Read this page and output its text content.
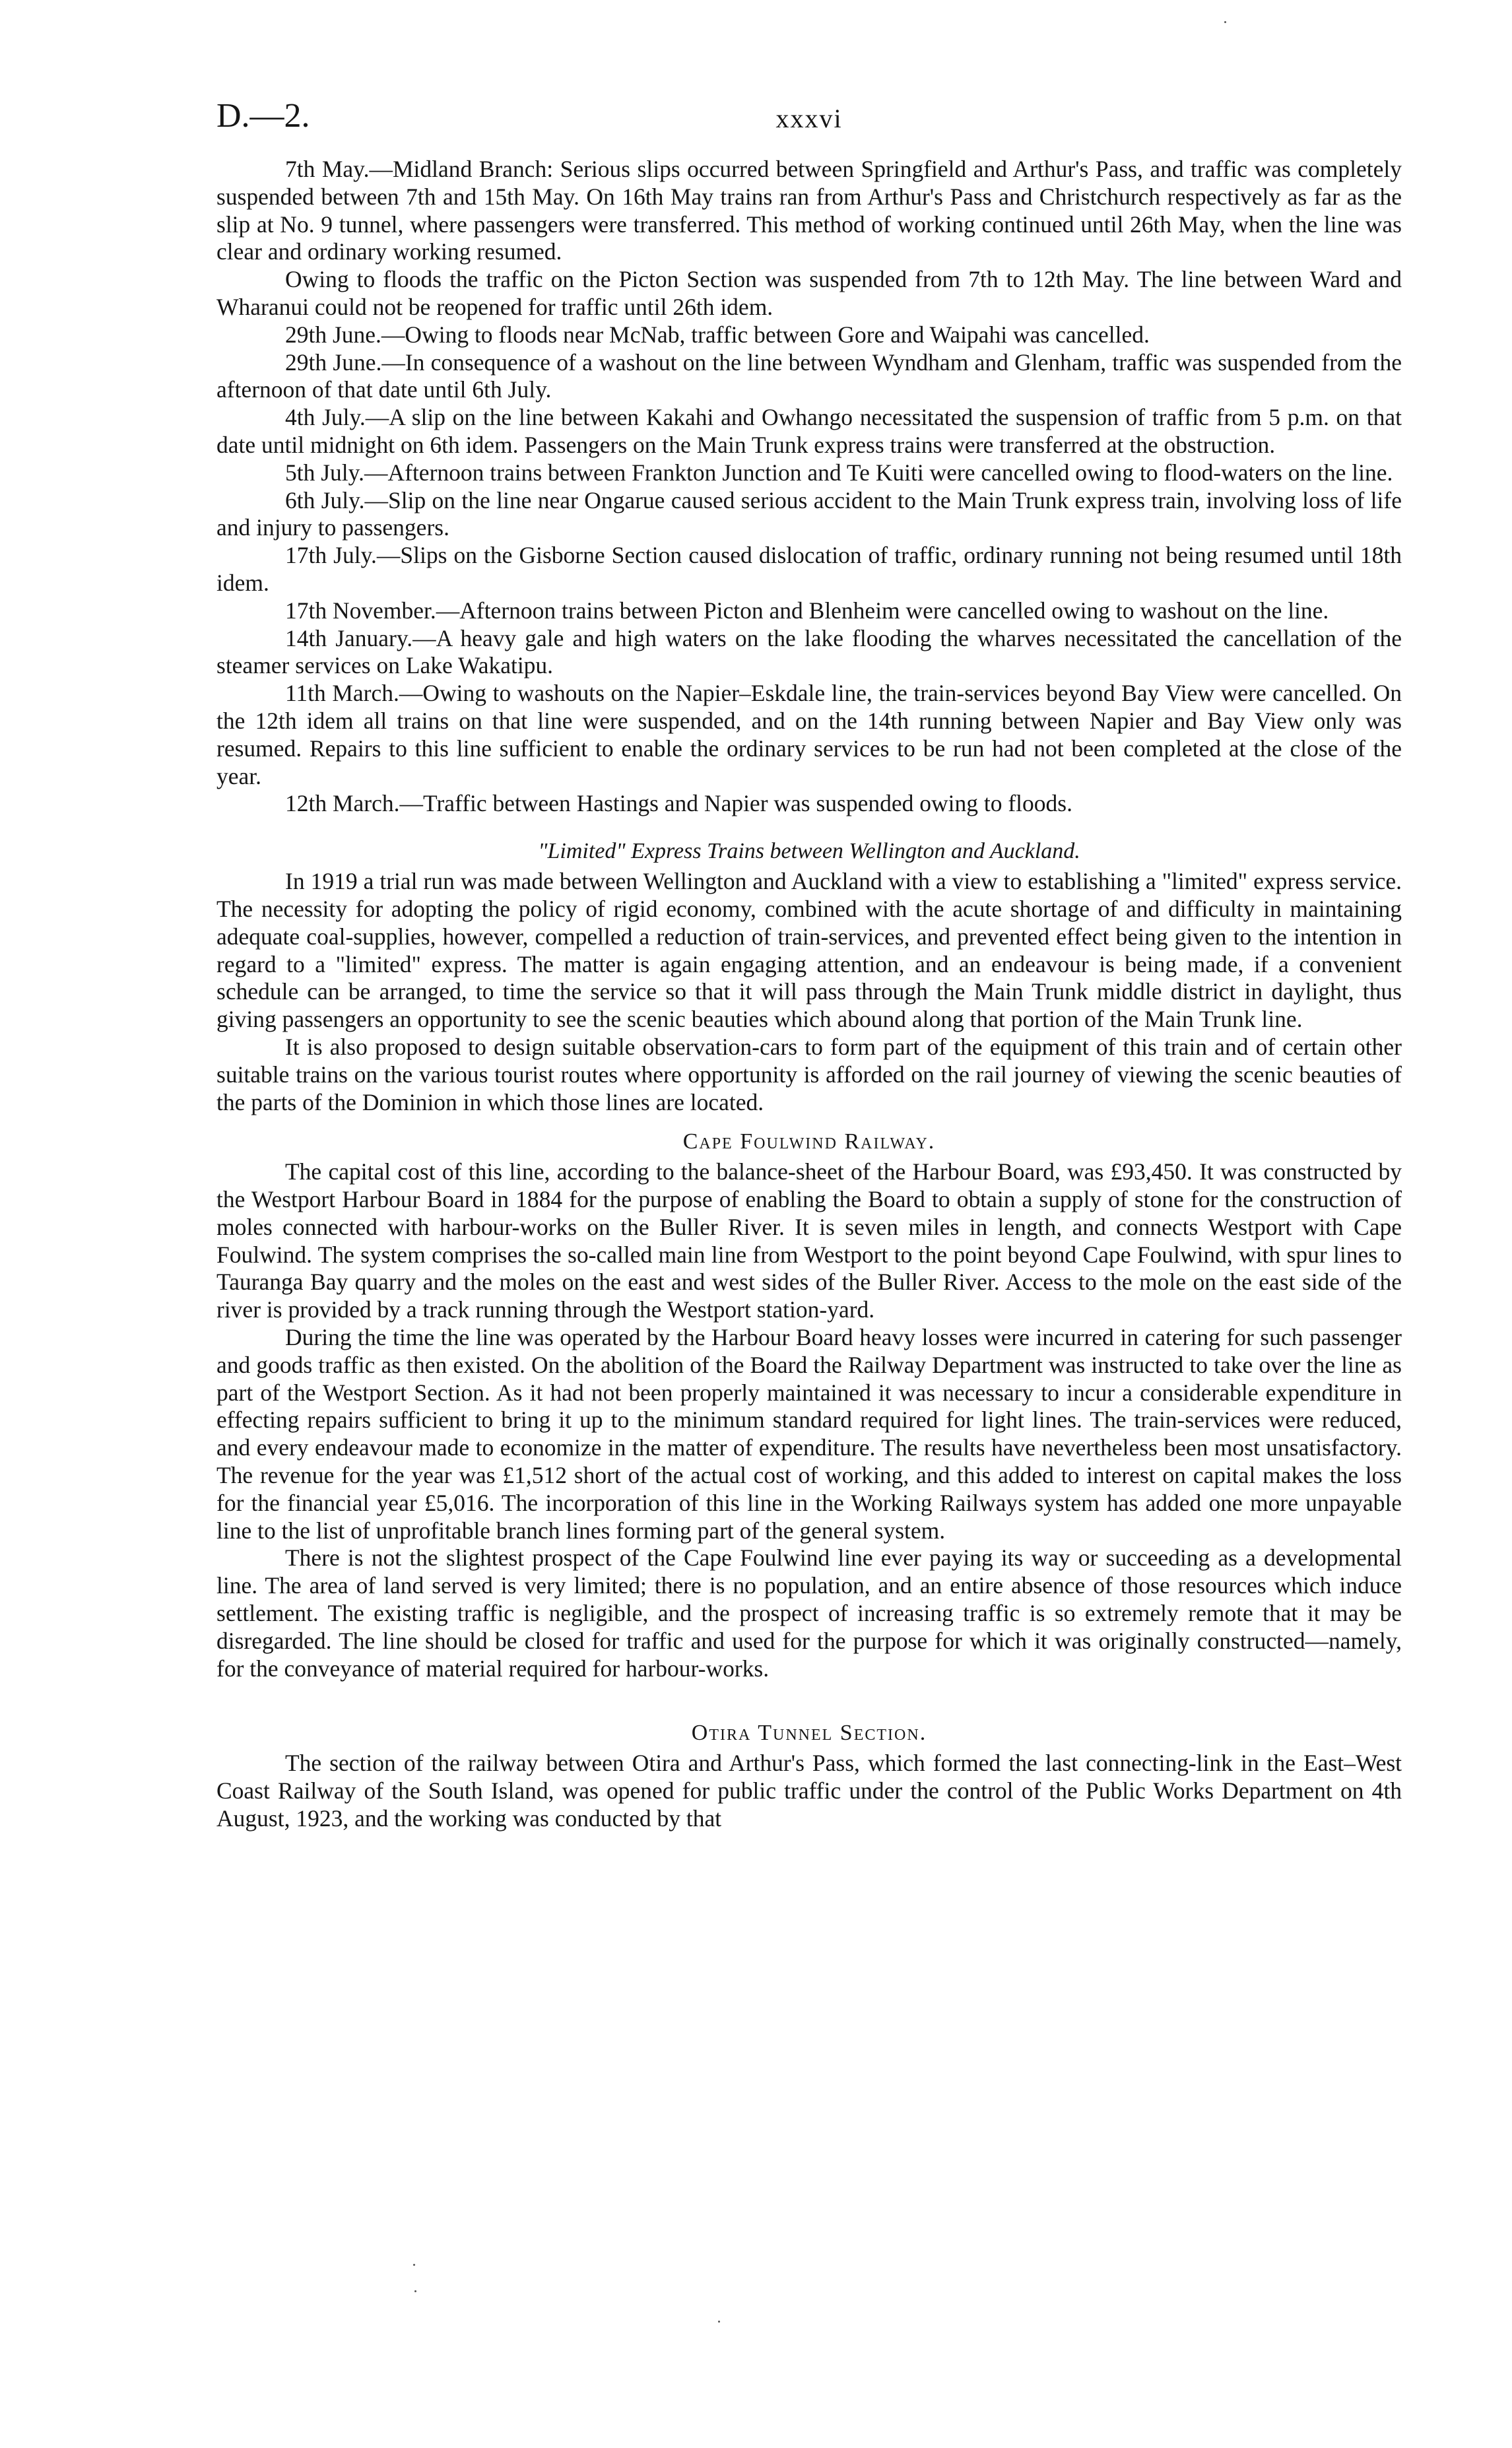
D.—2.	xxxvi

7th May.—Midland Branch: Serious slips occurred between Springfield and Arthur's Pass, and traffic was completely suspended between 7th and 15th May. On 16th May trains ran from Arthur's Pass and Christchurch respectively as far as the slip at No. 9 tunnel, where passengers were transferred. This method of working continued until 26th May, when the line was clear and ordinary working resumed.

Owing to floods the traffic on the Picton Section was suspended from 7th to 12th May. The line between Ward and Wharanui could not be reopened for traffic until 26th idem.

29th June.—Owing to floods near McNab, traffic between Gore and Waipahi was cancelled.

29th June.—In consequence of a washout on the line between Wyndham and Glenham, traffic was suspended from the afternoon of that date until 6th July.

4th July.—A slip on the line between Kakahi and Owhango necessitated the suspension of traffic from 5 p.m. on that date until midnight on 6th idem. Passengers on the Main Trunk express trains were transferred at the obstruction.

5th July.—Afternoon trains between Frankton Junction and Te Kuiti were cancelled owing to flood-waters on the line.

6th July.—Slip on the line near Ongarue caused serious accident to the Main Trunk express train, involving loss of life and injury to passengers.

17th July.—Slips on the Gisborne Section caused dislocation of traffic, ordinary running not being resumed until 18th idem.

17th November.—Afternoon trains between Picton and Blenheim were cancelled owing to washout on the line.

14th January.—A heavy gale and high waters on the lake flooding the wharves necessitated the cancellation of the steamer services on Lake Wakatipu.

11th March.—Owing to washouts on the Napier–Eskdale line, the train-services beyond Bay View were cancelled. On the 12th idem all trains on that line were suspended, and on the 14th running between Napier and Bay View only was resumed. Repairs to this line sufficient to enable the ordinary services to be run had not been completed at the close of the year.

12th March.—Traffic between Hastings and Napier was suspended owing to floods.

"Limited" Express Trains between Wellington and Auckland.

In 1919 a trial run was made between Wellington and Auckland with a view to establishing a "limited" express service. The necessity for adopting the policy of rigid economy, combined with the acute shortage of and difficulty in maintaining adequate coal-supplies, however, compelled a reduction of train-services, and prevented effect being given to the intention in regard to a "limited" express. The matter is again engaging attention, and an endeavour is being made, if a convenient schedule can be arranged, to time the service so that it will pass through the Main Trunk middle district in daylight, thus giving passengers an opportunity to see the scenic beauties which abound along that portion of the Main Trunk line.

It is also proposed to design suitable observation-cars to form part of the equipment of this train and of certain other suitable trains on the various tourist routes where opportunity is afforded on the rail journey of viewing the scenic beauties of the parts of the Dominion in which those lines are located.

Cape Foulwind Railway.

The capital cost of this line, according to the balance-sheet of the Harbour Board, was £93,450. It was constructed by the Westport Harbour Board in 1884 for the purpose of enabling the Board to obtain a supply of stone for the construction of moles connected with harbour-works on the Buller River. It is seven miles in length, and connects Westport with Cape Foulwind. The system comprises the so-called main line from Westport to the point beyond Cape Foulwind, with spur lines to Tauranga Bay quarry and the moles on the east and west sides of the Buller River. Access to the mole on the east side of the river is provided by a track running through the Westport station-yard.

During the time the line was operated by the Harbour Board heavy losses were incurred in catering for such passenger and goods traffic as then existed. On the abolition of the Board the Railway Department was instructed to take over the line as part of the Westport Section. As it had not been properly maintained it was necessary to incur a considerable expenditure in effecting repairs sufficient to bring it up to the minimum standard required for light lines. The train-services were reduced, and every endeavour made to economize in the matter of expenditure. The results have nevertheless been most unsatisfactory. The revenue for the year was £1,512 short of the actual cost of working, and this added to interest on capital makes the loss for the financial year £5,016. The incorporation of this line in the Working Railways system has added one more unpayable line to the list of unprofitable branch lines forming part of the general system.

There is not the slightest prospect of the Cape Foulwind line ever paying its way or succeeding as a developmental line. The area of land served is very limited; there is no population, and an entire absence of those resources which induce settlement. The existing traffic is negligible, and the prospect of increasing traffic is so extremely remote that it may be disregarded. The line should be closed for traffic and used for the purpose for which it was originally constructed—namely, for the conveyance of material required for harbour-works.

Otira Tunnel Section.

The section of the railway between Otira and Arthur's Pass, which formed the last connecting-link in the East–West Coast Railway of the South Island, was opened for public traffic under the control of the Public Works Department on 4th August, 1923, and the working was conducted by that
